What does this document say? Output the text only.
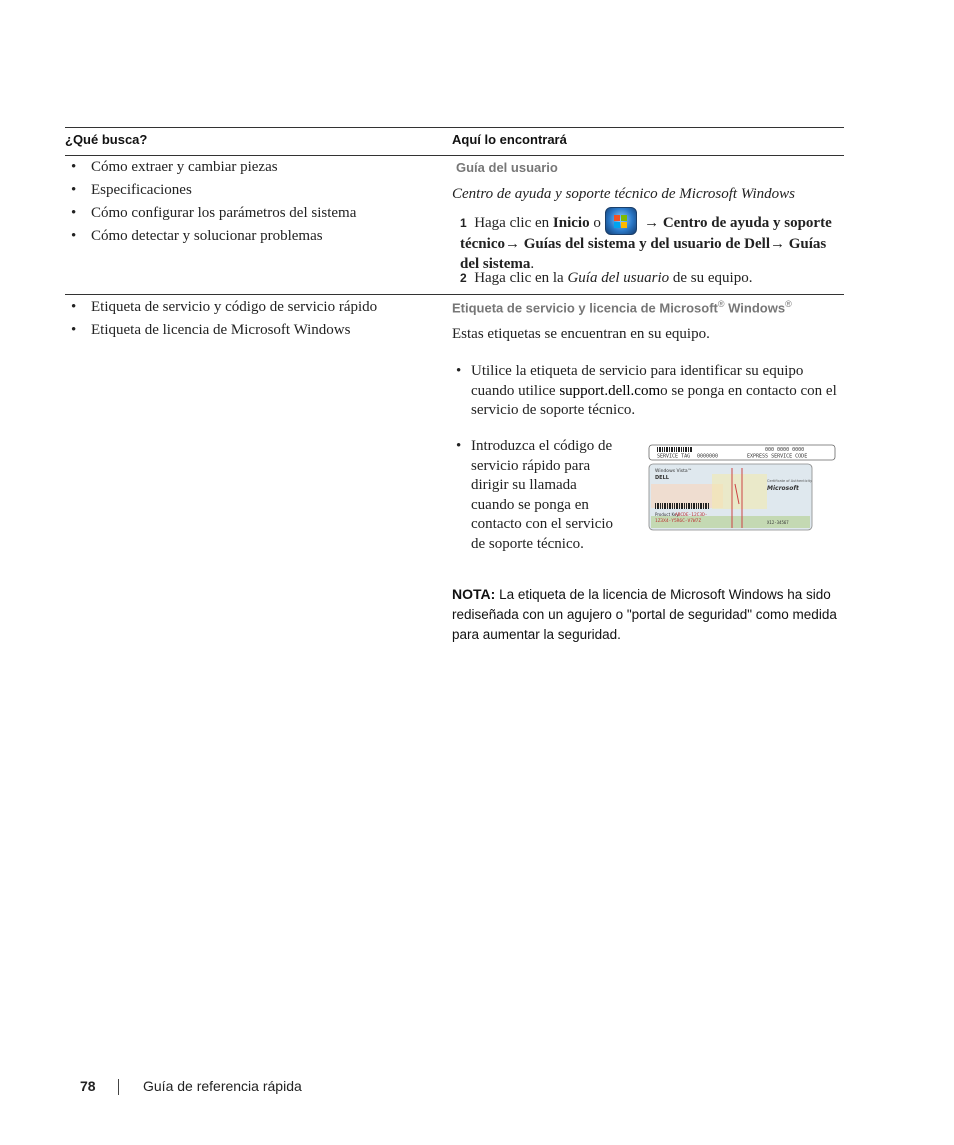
¿Qué busca?	Aquí lo encontrará
• Cómo extraer y cambiar piezas
• Especificaciones
• Cómo configurar los parámetros del sistema
• Cómo detectar y solucionar problemas
Guía del usuario
Centro de ayuda y soporte técnico de Microsoft Windows
1 Haga clic en Inicio o	→ Centro de ayuda y soporte técnico→ Guías del sistema y del usuario de Dell→ Guías del sistema.
2 Haga clic en la Guía del usuario de su equipo.
• Etiqueta de servicio y código de servicio rápido
• Etiqueta de licencia de Microsoft Windows
Etiqueta de servicio y licencia de Microsoft® Windows®
Estas etiquetas se encuentran en su equipo.
• Utilice la etiqueta de servicio para identificar su equipo cuando utilice support.dell.como se ponga en contacto con el servicio de soporte técnico.
• Introduzca el código de
servicio rápido para
dirigir su llamada
cuando se ponga en
contacto con el servicio
de soporte técnico.
NOTA: La etiqueta de la licencia de Microsoft Windows ha sido rediseñada con un agujero o "portal de seguridad" como medida para aumentar la seguridad.
SERVICE TAG 0000000
000 0000 0000
EXPRESS SERVICE CODE
Windows Vista™
DELL	Certificate of Authenticity
Microsoft
Product Key:
ABCDE-12C3D-
1Z3X4-Y5R6C-V7W7Z	X12-34567
78	Guía de referencia rápida
